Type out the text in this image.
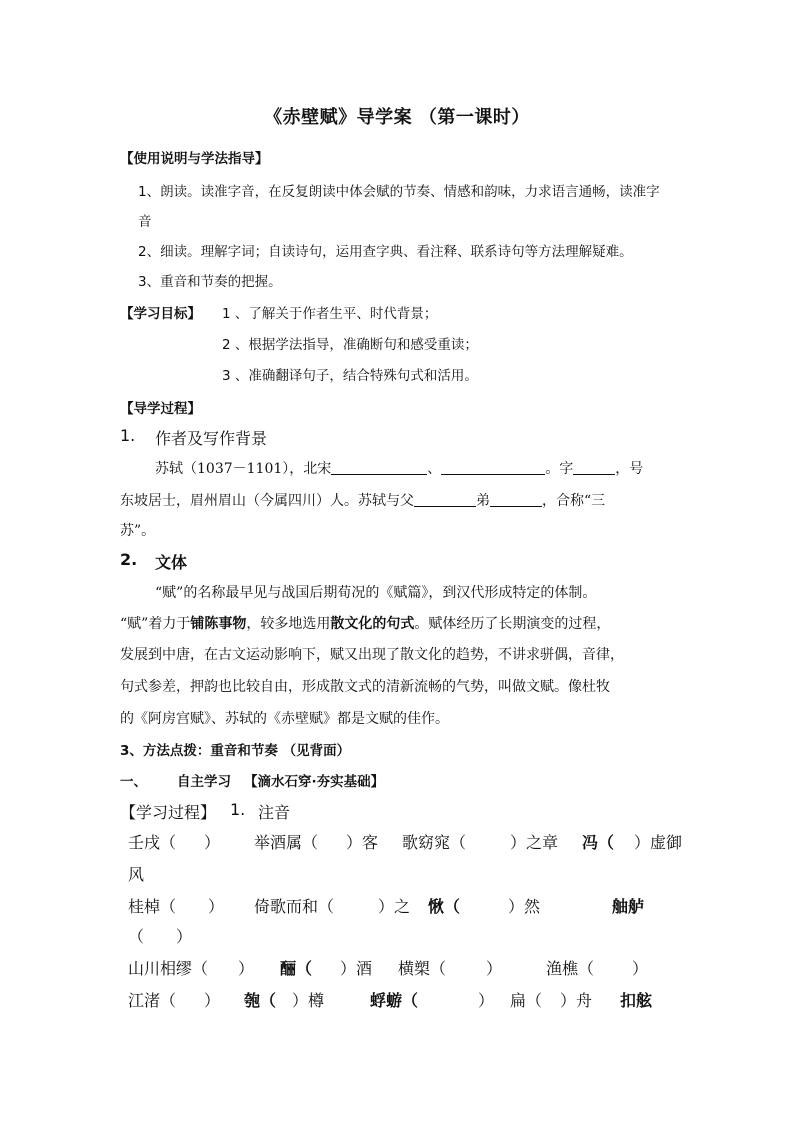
《赤壁赋》导学案 （第一课时）
【使用说明与学法指导】
1、朗读。读准字音，在反复朗读中体会赋的节奏、情感和韵味，力求语言通畅，读准字
音
2、细读。理解字词；自读诗句，运用查字典、看注释、联系诗句等方法理解疑难。
3、重音和节奏的把握。
【学习目标】 1 、了解关于作者生平、时代背景；
2 、根据学法指导，准确断句和感受重读；
3 、准确翻译句子，结合特殊句式和活用。
【导学过程】
1. 作者及写作背景
苏轼（1037－1101），北宋	、	。字	，号
东坡居士，眉州眉山（今属四川）人。苏轼与父	弟	，合称“三
苏”。
2. 文体
“赋”的名称最早见与战国后期荀况的《赋篇》，到汉代形成特定的体制。
“赋”着力于铺陈事物，较多地选用散文化的句式。赋体经历了长期演变的过程，
发展到中唐，在古文运动影响下，赋又出现了散文化的趋势，不讲求骈偶，音律，
句式参差，押韵也比较自由，形成散文式的清新流畅的气势，叫做文赋。像杜牧
的《阿房宫赋》、苏轼的《赤壁赋》都是文赋的佳作。
3、方法点拨：重音和节奏 （见背面）
一、 自主学习 【滴水石穿·夯实基础】
【学习过程】 1. 注音
壬戌（	）	举酒属（	）客	歌窈窕（	）之章	冯（	）虚御
风
桂棹（	）	倚歌而和（	）之	愀（	）然	舳舻
（	）
山川相缪（	）	酾（	）酒	横槊（	）	渔樵（	）
江渚（	）	匏（ ）樽	蜉蝣（	） 扁（	）舟	扣舷
